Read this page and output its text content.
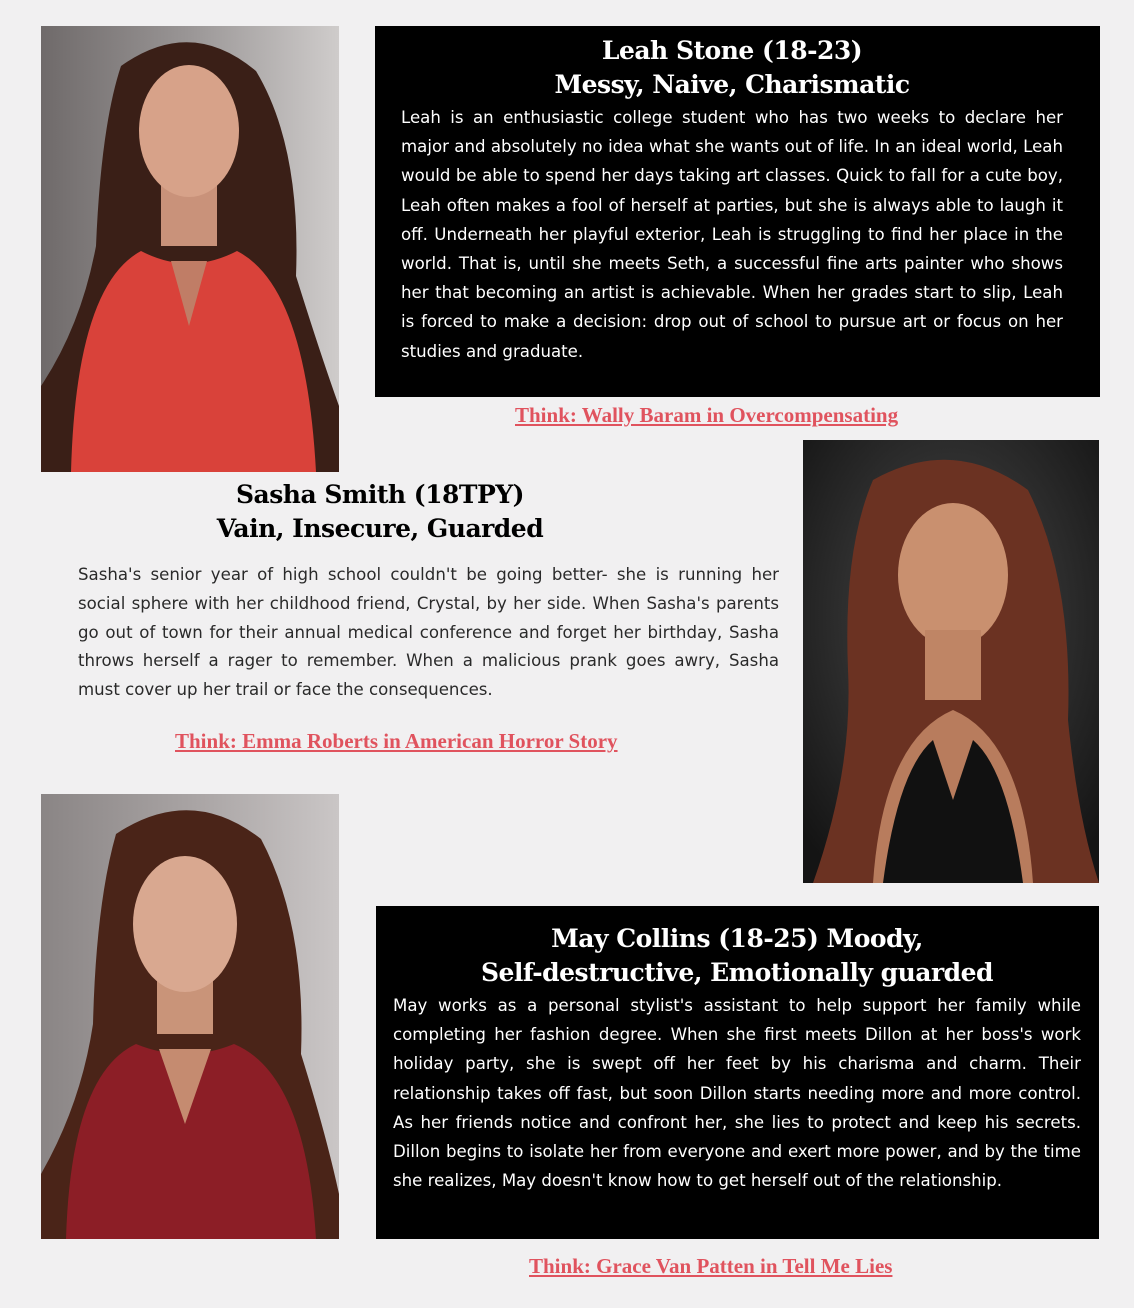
Leah Stone (18-23)
Messy, Naive, Charismatic

Leah is an enthusiastic college student who has two weeks to declare her major and absolutely no idea what she wants out of life. In an ideal world, Leah would be able to spend her days taking art classes. Quick to fall for a cute boy, Leah often makes a fool of herself at parties, but she is always able to laugh it off. Underneath her playful exterior, Leah is struggling to find her place in the world. That is, until she meets Seth, a successful fine arts painter who shows her that becoming an artist is achievable. When her grades start to slip, Leah is forced to make a decision: drop out of school to pursue art or focus on her studies and graduate.

Think: Wally Baram in Overcompensating
Sasha Smith (18TPY)
Vain, Insecure, Guarded

Sasha's senior year of high school couldn't be going better- she is running her social sphere with her childhood friend, Crystal, by her side. When Sasha's parents go out of town for their annual medical conference and forget her birthday, Sasha throws herself a rager to remember. When a malicious prank goes awry, Sasha must cover up her trail or face the consequences.

Think: Emma Roberts in American Horror Story
May Collins (18-25) Moody,
Self-destructive, Emotionally guarded

May works as a personal stylist's assistant to help support her family while completing her fashion degree. When she first meets Dillon at her boss's work holiday party, she is swept off her feet by his charisma and charm. Their relationship takes off fast, but soon Dillon starts needing more and more control. As her friends notice and confront her, she lies to protect and keep his secrets. Dillon begins to isolate her from everyone and exert more power, and by the time she realizes, May doesn't know how to get herself out of the relationship.

Think: Grace Van Patten in Tell Me Lies
